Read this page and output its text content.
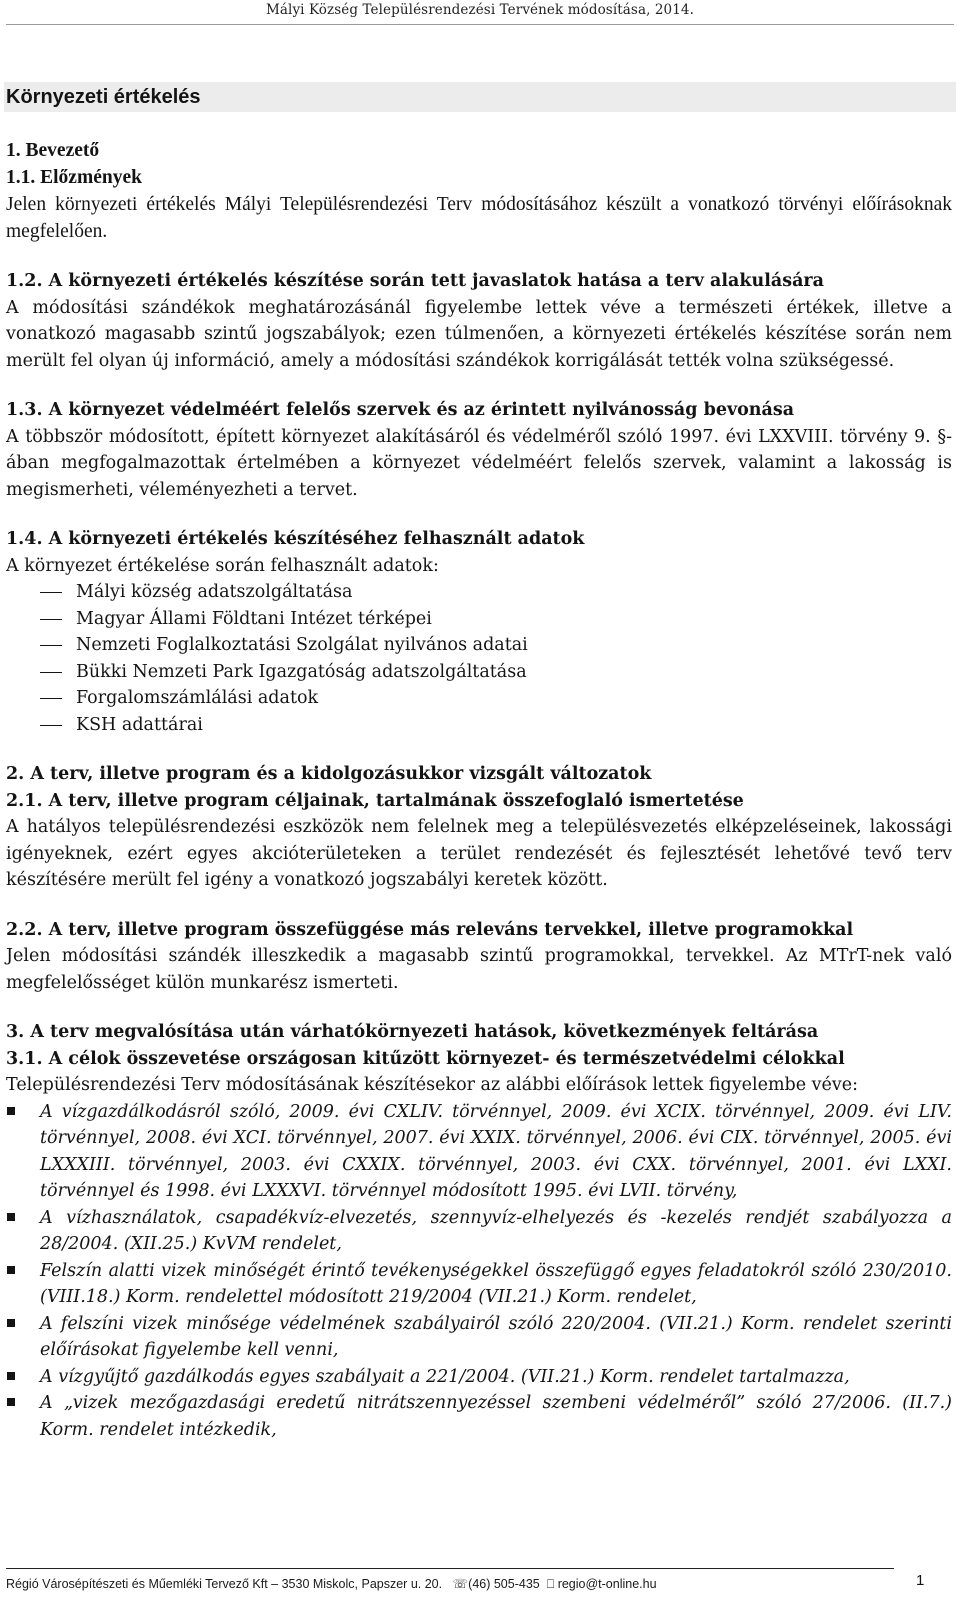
Mályi Község Településrendezési Tervének módosítása, 2014.
Környezeti értékelés
1. Bevezető
1.1. Előzmények
Jelen környezeti értékelés Mályi Településrendezési Terv módosításához készült a vonatkozó törvényi előírásoknak megfelelően.
1.2. A környezeti értékelés készítése során tett javaslatok hatása a terv alakulására
A módosítási szándékok meghatározásánál figyelembe lettek véve a természeti értékek, illetve a vonatkozó magasabb szintű jogszabályok; ezen túlmenően, a környezeti értékelés készítése során nem merült fel olyan új információ, amely a módosítási szándékok korrigálását tették volna szükségessé.
1.3. A környezet védelméért felelős szervek és az érintett nyilvánosság bevonása
A többször módosított, épített környezet alakításáról és védelméről szóló 1997. évi LXXVIII. törvény 9. §-ában megfogalmazottak értelmében a környezet védelméért felelős szervek, valamint a lakosság is megismerheti, véleményezheti a tervet.
1.4. A környezeti értékelés készítéséhez felhasznált adatok
A környezet értékelése során felhasznált adatok:
Mályi község adatszolgáltatása
Magyar Állami Földtani Intézet térképei
Nemzeti Foglalkoztatási Szolgálat nyilvános adatai
Bükki Nemzeti Park Igazgatóság adatszolgáltatása
Forgalomszámlálási adatok
KSH adattárai
2. A terv, illetve program és a kidolgozásukkor vizsgált változatok
2.1. A terv, illetve program céljainak, tartalmának összefoglaló ismertetése
A hatályos településrendezési eszközök nem felelnek meg a településvezetés elképzeléseinek, lakossági igényeknek, ezért egyes akcióterületeken a terület rendezését és fejlesztését lehetővé tevő terv készítésére merült fel igény a vonatkozó jogszabályi keretek között.
2.2. A terv, illetve program összefüggése más releváns tervekkel, illetve programokkal
Jelen módosítási szándék illeszkedik a magasabb szintű programokkal, tervekkel. Az MTrT-nek való megfelelősséget külön munkarész ismerteti.
3. A terv megvalósítása után várhatókörnyezeti hatások, következmények feltárása
3.1. A célok összevetése országosan kitűzött környezet- és természetvédelmi célokkal
Településrendezési Terv módosításának készítésekor az alábbi előírások lettek figyelembe véve:
A vízgazdálkodásról szóló, 2009. évi CXLIV. törvénnyel, 2009. évi XCIX. törvénnyel, 2009. évi LIV. törvénnyel, 2008. évi XCI. törvénnyel, 2007. évi XXIX. törvénnyel, 2006. évi CIX. törvénnyel, 2005. évi LXXXIII. törvénnyel, 2003. évi CXXIX. törvénnyel, 2003. évi CXX. törvénnyel, 2001. évi LXXI. törvénnyel és 1998. évi LXXXVI. törvénnyel módosított 1995. évi LVII. törvény,
A vízhasználatok, csapadékvíz-elvezetés, szennyvíz-elhelyezés és -kezelés rendjét szabályozza a 28/2004. (XII.25.) KvVM rendelet,
Felszín alatti vizek minőségét érintő tevékenységekkel összefüggő egyes feladatokról szóló 230/2010. (VIII.18.) Korm. rendelettel módosított 219/2004 (VII.21.) Korm. rendelet,
A felszíni vizek minősége védelmének szabályairól szóló 220/2004. (VII.21.) Korm. rendelet szerinti előírásokat figyelembe kell venni,
A vízgyűjtő gazdálkodás egyes szabályait a 221/2004. (VII.21.) Korm. rendelet tartalmazza,
A „vizek mezőgazdasági eredetű nitrátszennyezéssel szembeni védelméről” szóló 27/2006. (II.7.) Korm. rendelet intézkedik,
Régió Városépítészeti és Műemléki Tervező Kft – 3530 Miskolc, Papszer u. 20. ☏(46) 505-435 ⎕ regio@t-online.hu	1
